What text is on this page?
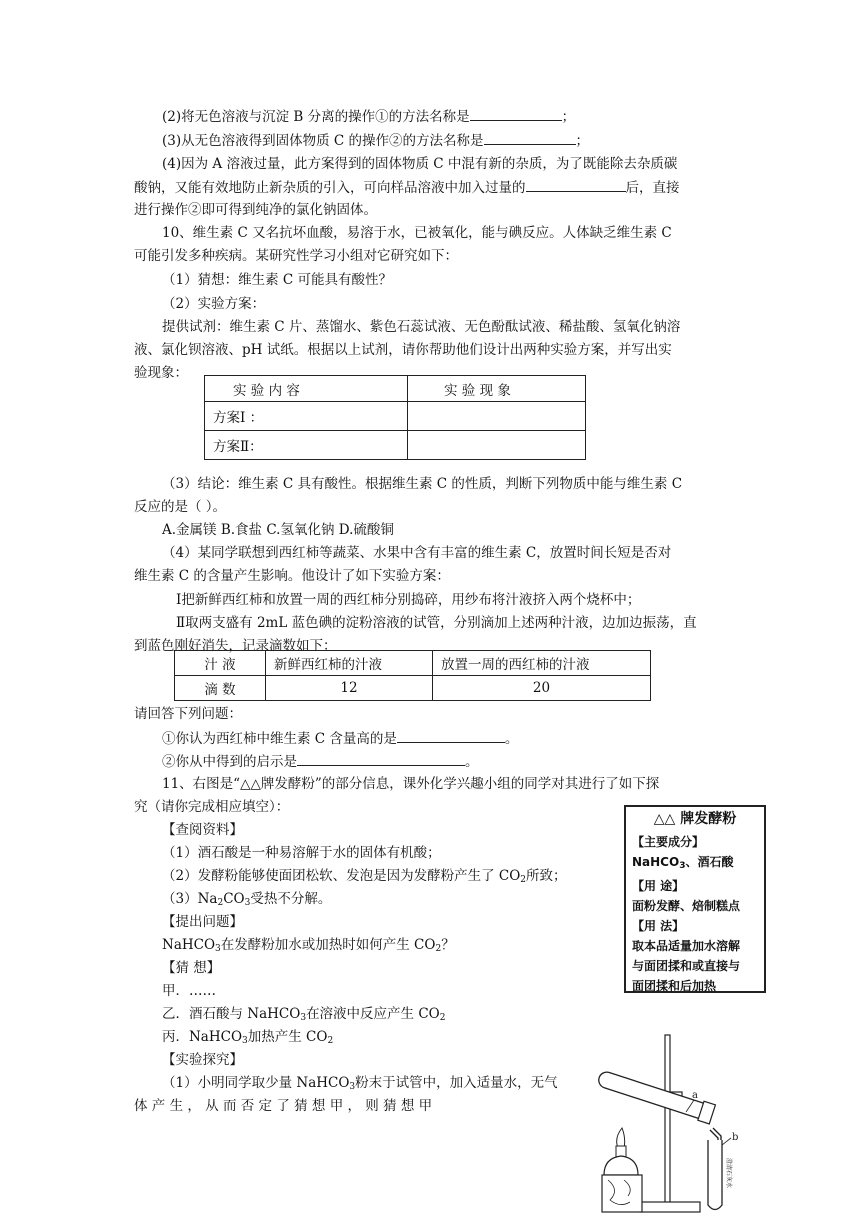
(2)将无色溶液与沉淀 B 分离的操作①的方法名称是	；
(3)从无色溶液得到固体物质 C 的操作②的方法名称是	；
(4)因为 A 溶液过量，此方案得到的固体物质 C 中混有新的杂质，为了既能除去杂质碳
酸钠，又能有效地防止新杂质的引入，可向样品溶液中加入过量的	后，直接
进行操作②即可得到纯净的氯化钠固体。
10、维生素 C 又名抗坏血酸，易溶于水，已被氧化，能与碘反应。人体缺乏维生素 C
可能引发多种疾病。某研究性学习小组对它研究如下：
（1）猜想：维生素 C 可能具有酸性？
（2）实验方案：
提供试剂：维生素 C 片、蒸馏水、紫色石蕊试液、无色酚酞试液、稀盐酸、氢氧化钠溶
液、氯化钡溶液、pH 试纸。根据以上试剂，请你帮助他们设计出两种实验方案，并写出实
验现象：
实 验 内 容	实 验 现 象
方案Ⅰ ：	
方案Ⅱ：	
（3）结论：维生素 C 具有酸性。根据维生素 C 的性质，判断下列物质中能与维生素 C
反应的是（ ）。
A.金属镁 B.食盐 C.氢氧化钠 D.硫酸铜
（4）某同学联想到西红柿等蔬菜、水果中含有丰富的维生素 C，放置时间长短是否对
维生素 C 的含量产生影响。他设计了如下实验方案：
Ⅰ把新鲜西红柿和放置一周的西红柿分别捣碎，用纱布将汁液挤入两个烧杯中；
Ⅱ取两支盛有 2mL 蓝色碘的淀粉溶液的试管，分别滴加上述两种汁液，边加边振荡，直
到蓝色刚好消失，记录滴数如下：
汁 液	新鲜西红柿的汁液	放置一周的西红柿的汁液
滴 数	12	20
请回答下列问题：
①你认为西红柿中维生素 C 含量高的是	。
②你从中得到的启示是	。
11、右图是“△△牌发酵粉”的部分信息，课外化学兴趣小组的同学对其进行了如下探
究（请你完成相应填空）：
【查阅资料】
（1）酒石酸是一种易溶解于水的固体有机酸；
（2）发酵粉能够使面团松软、发泡是因为发酵粉产生了 $CO_2$所致；
$(3)Na_2CO_3$受热不分解。
【提出问题】
NaHCO$_3$在发酵粉加水或加热时如何产生 $CO_2$？
【猜 想】
甲．……
乙．酒石酸与 NaHCO$_3$在溶液中反应产生 $CO_2$
丙．NaHCO$_3$加热产生 $CO_2$
【实验探究】
（1）小明同学取少量 NaHCO$_3$粉末于试管中，加入适量水，无气
体 产 生 ， 从 而 否 定 了 猜 想 甲 ， 则 猜 想 甲
△△ 牌发酵粉
【主要成分】
NaHCO$_3$、酒石酸
【用 途】
面粉发酵、焙制糕点
【用 法】
取本品适量加水溶解
与面团揉和或直接与
面团揉和后加热
澄清石灰水
a
b
